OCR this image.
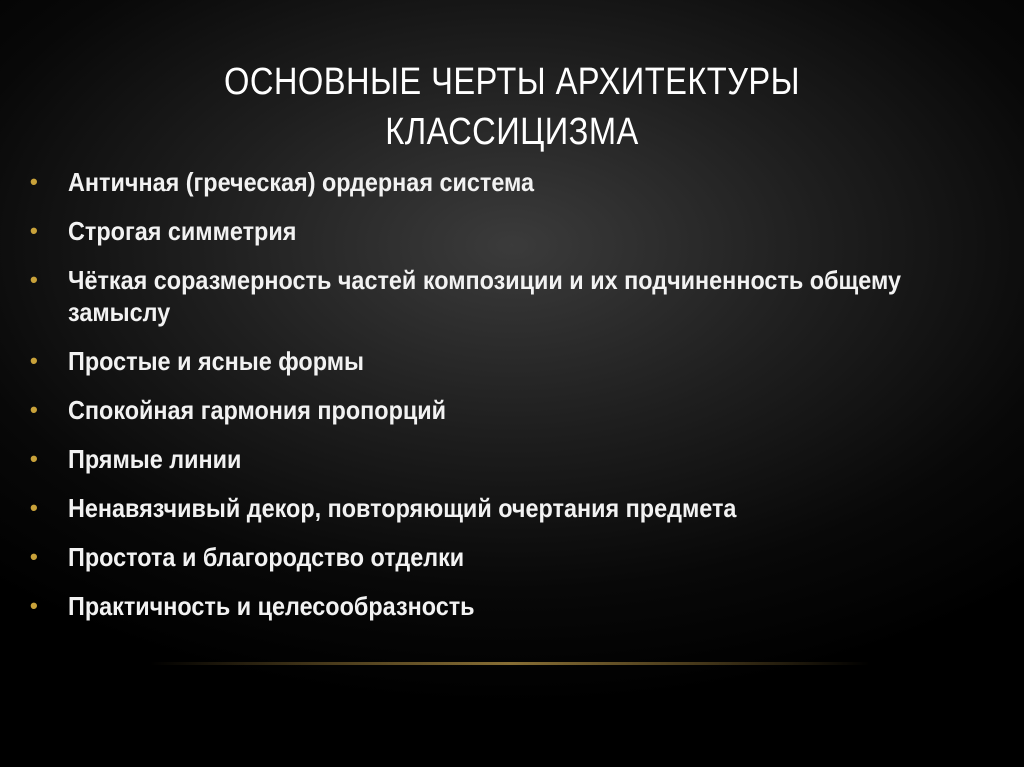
ОСНОВНЫЕ ЧЕРТЫ АРХИТЕКТУРЫ
КЛАССИЦИЗМА
• Античная (греческая) ордерная система
• Строгая симметрия
• Чёткая соразмерность частей композиции и их подчиненность общему замыслу
• Простые и ясные формы
• Спокойная гармония пропорций
• Прямые линии
• Ненавязчивый декор, повторяющий очертания предмета
• Простота и благородство отделки
• Практичность и целесообразность
